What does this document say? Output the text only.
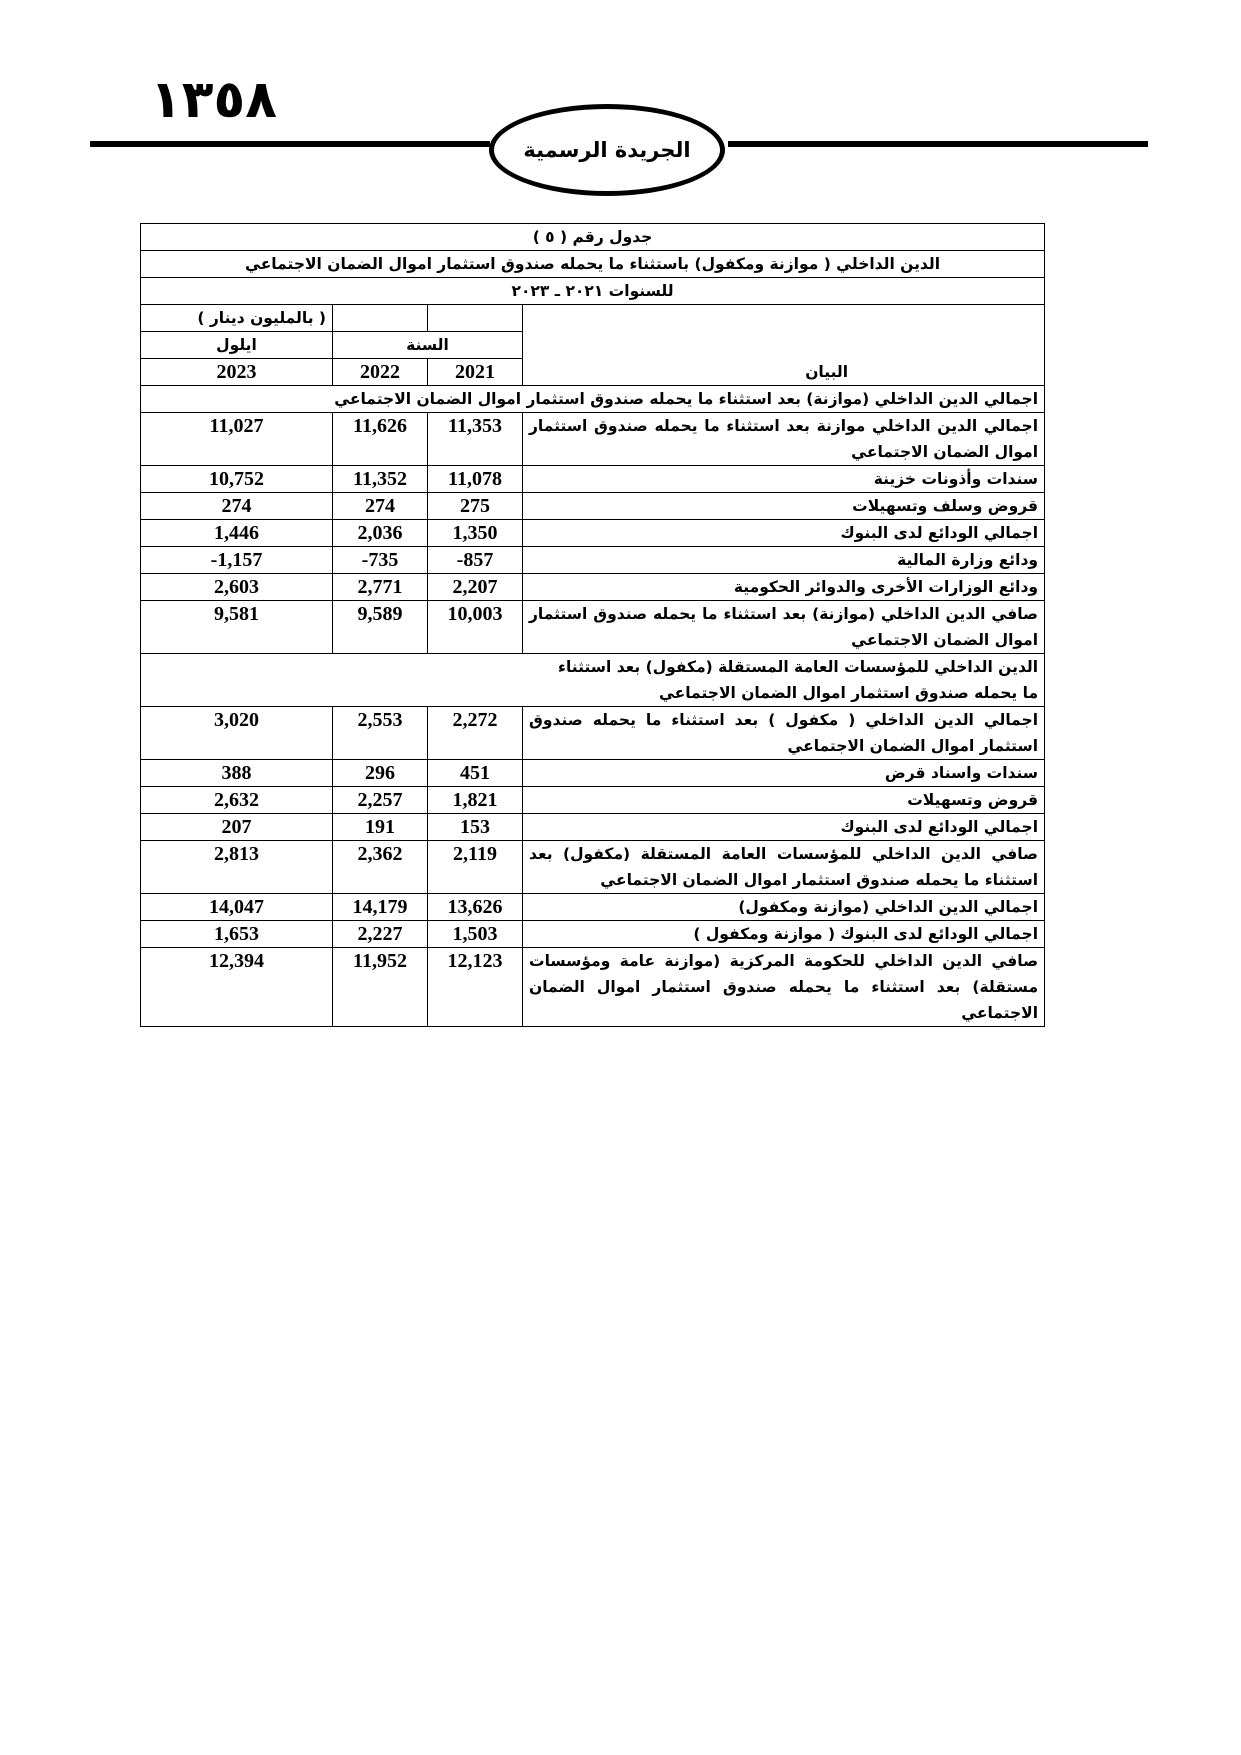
١٣٥٨
الجريدة الرسمية
جدول رقم ( ٥ )			
الدين الداخلي ( موازنة ومكفول) باستثناء ما يحمله صندوق استثمار اموال الضمان الاجتماعي			
للسنوات ٢٠٢١ ـ ٢٠٢٣			
( بالمليون دينار )			البيان
ايلول	السنة		
2023	2022	2021	
اجمالي الدين الداخلي (موازنة) بعد استثناء ما يحمله صندوق استثمار اموال الضمان الاجتماعي			
11,027	11,626	11,353	اجمالي الدين الداخلي موازنة بعد استثناء ما يحمله صندوق استثمار اموال الضمان الاجتماعي
10,752	11,352	11,078	سندات وأذونات خزينة
274	274	275	قروض وسلف وتسهيلات
1,446	2,036	1,350	اجمالي الودائع لدى البنوك
-1,157	-735	-857	ودائع وزارة المالية
2,603	2,771	2,207	ودائع الوزارات الأخرى والدوائر الحكومية
9,581	9,589	10,003	صافي الدين الداخلي (موازنة) بعد استثناء ما يحمله صندوق استثمار اموال الضمان الاجتماعي

الدين الداخلي للمؤسسات العامة المستقلة (مكفول) بعد استثناء
ما يحمله صندوق استثمار اموال الضمان الاجتماعي			

3,020	2,553	2,272	اجمالي الدين الداخلي ( مكفول ) بعد استثناء ما يحمله صندوق استثمار اموال الضمان الاجتماعي
388	296	451	سندات واسناد قرض
2,632	2,257	1,821	قروض وتسهيلات
207	191	153	اجمالي الودائع لدى البنوك
2,813	2,362	2,119	صافي الدين الداخلي للمؤسسات العامة المستقلة (مكفول) بعد استثناء ما يحمله صندوق استثمار اموال الضمان الاجتماعي
14,047	14,179	13,626	اجمالي الدين الداخلي (موازنة ومكفول)
1,653	2,227	1,503	اجمالي الودائع لدى البنوك ( موازنة ومكفول )
12,394	11,952	12,123	صافي الدين الداخلي للحكومة المركزية (موازنة عامة ومؤسسات مستقلة) بعد استثناء ما يحمله صندوق استثمار اموال الضمان الاجتماعي
